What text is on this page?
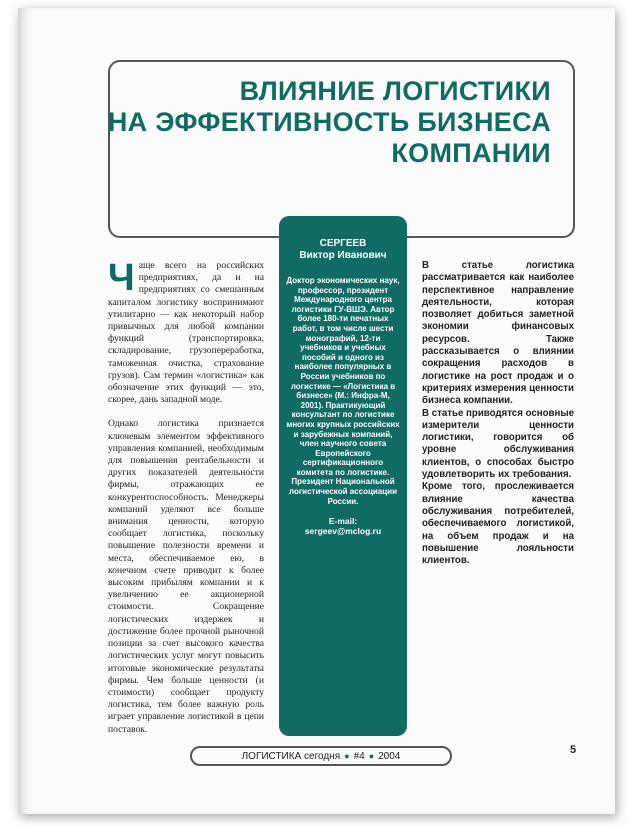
ВЛИЯНИЕ ЛОГИСТИКИ
НА ЭФФЕКТИВНОСТЬ БИЗНЕСА
КОМПАНИИ

Чаще всего на российских предприятиях, да и на предприятиях со смешанным капиталом логистику воспринимают утилитарно — как некоторый набор привычных для любой компании функций (транспортировка, складирование, грузопереработка, таможенная очистка, страхование грузов). Сам термин «логистика» как обозначение этих функций — это, скорее, дань западной моде.

Однако логистика признается ключевым элементом эффективного управления компанией, необходимым для повышения рентабельности и других показателей деятельности фирмы, отражающих ее конкурентоспособность. Менеджеры компаний уделяют все больше внимания ценности, которую сообщает логистика, поскольку повышение полезности времени и места, обеспечиваемое ею, в конечном счете приводит к более высоким прибылям компании и к увеличению ее акционерной стоимости. Сокращение логистических издержек и достижение более прочной рыночной позиции за счет высокого качества логистических услуг могут повысить итоговые экономические результаты фирмы. Чем больше ценности (и стоимости) сообщает продукту логистика, тем более важную роль играет управление логистикой в цепи поставок.

СЕРГЕЕВ
Виктор Иванович
Доктор экономических наук, профессор, президент Международного центра логистики ГУ-ВШЭ. Автор более 180-ти печатных работ, в том числе шести монографий, 12-ти учебников и учебных пособий и одного из наиболее популярных в России учебников по логистике — «Логистика в бизнесе» (М.: Инфра-М, 2001). Практикующий консультант по логистике многих крупных российских и зарубежных компаний, член научного совета Европейского сертификационного комитета по логистике. Президент Национальной логистической ассоциации России.
E-mail:
sergeev@mclog.ru

В статье логистика рассматривается как наиболее перспективное направление деятельности, которая позволяет добиться заметной экономии финансовых ресурсов. Также рассказывается о влиянии сокращения расходов в логистике на рост продаж и о критериях измерения ценности бизнеса компании.

В статье приводятся основные измерители ценности логистики, говорится об уровне обслуживания клиентов, о способах быстро удовлетворить их требования.

Кроме того, прослеживается влияние качества обслуживания потребителей, обеспечиваемого логистикой, на объем продаж и на повышение лояльности клиентов.

ЛОГИСТИКА сегодня ● #4 ● 2004
5
